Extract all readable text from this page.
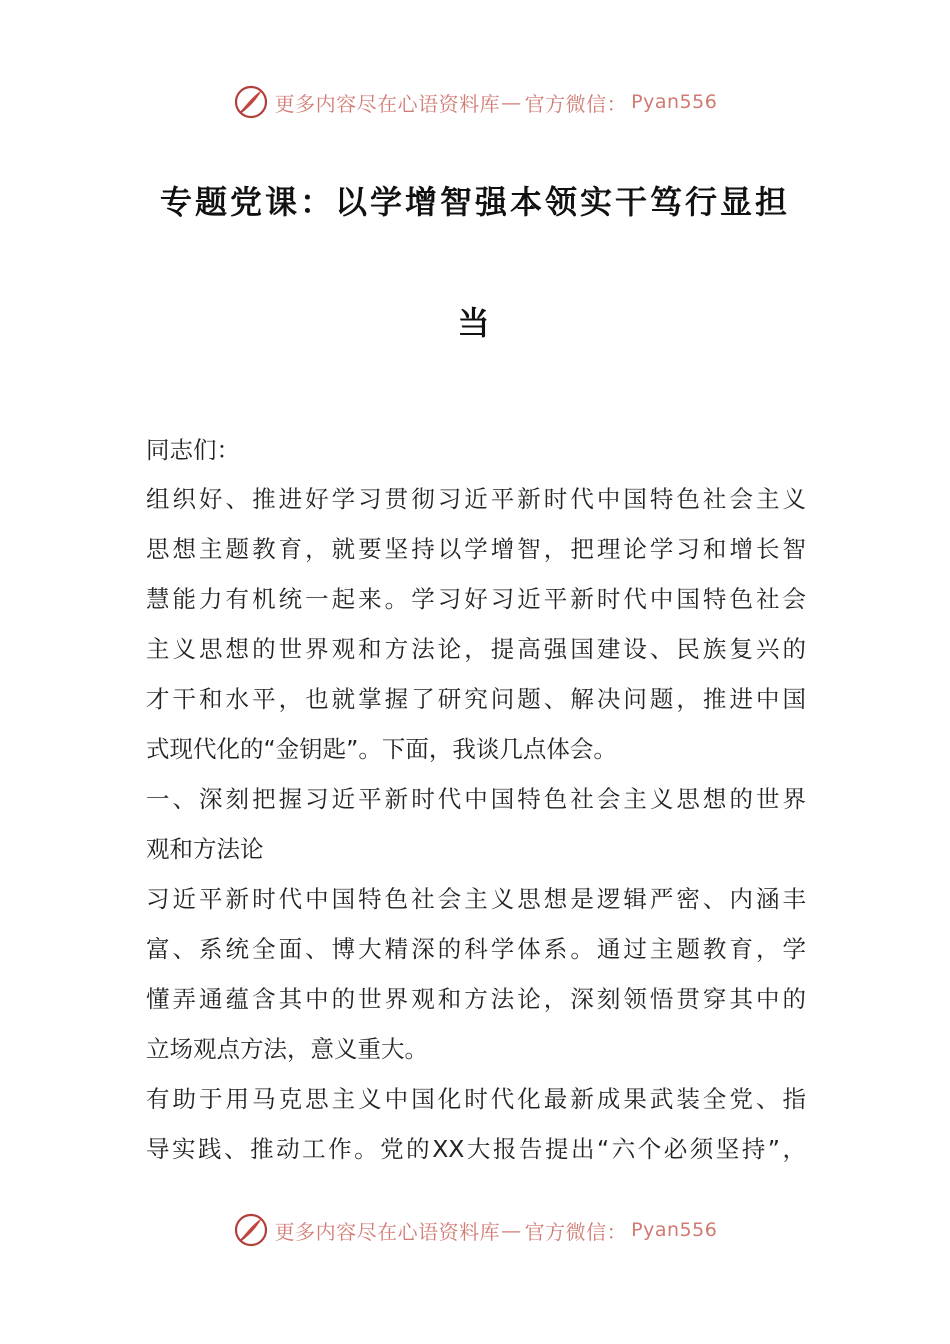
更多内容尽在心语资料库 — 官方微信： Pyan556
专题党课：以学增智强本领实干笃行显担
当
同志们：
组织好、推进好学习贯彻习近平新时代中国特色社会主义
思想主题教育，就要坚持以学增智，把理论学习和增长智
慧能力有机统一起来。学习好习近平新时代中国特色社会
主义思想的世界观和方法论，提高强国建设、民族复兴的
才干和水平，也就掌握了研究问题、解决问题，推进中国
式现代化的“金钥匙”。下面，我谈几点体会。
一、深刻把握习近平新时代中国特色社会主义思想的世界
观和方法论
习近平新时代中国特色社会主义思想是逻辑严密、内涵丰
富、系统全面、博大精深的科学体系。通过主题教育，学
懂弄通蕴含其中的世界观和方法论，深刻领悟贯穿其中的
立场观点方法，意义重大。
有助于用马克思主义中国化时代化最新成果武装全党、指
导实践、推动工作。党的XX大报告提出“六个必须坚持”，
更多内容尽在心语资料库 — 官方微信： Pyan556
